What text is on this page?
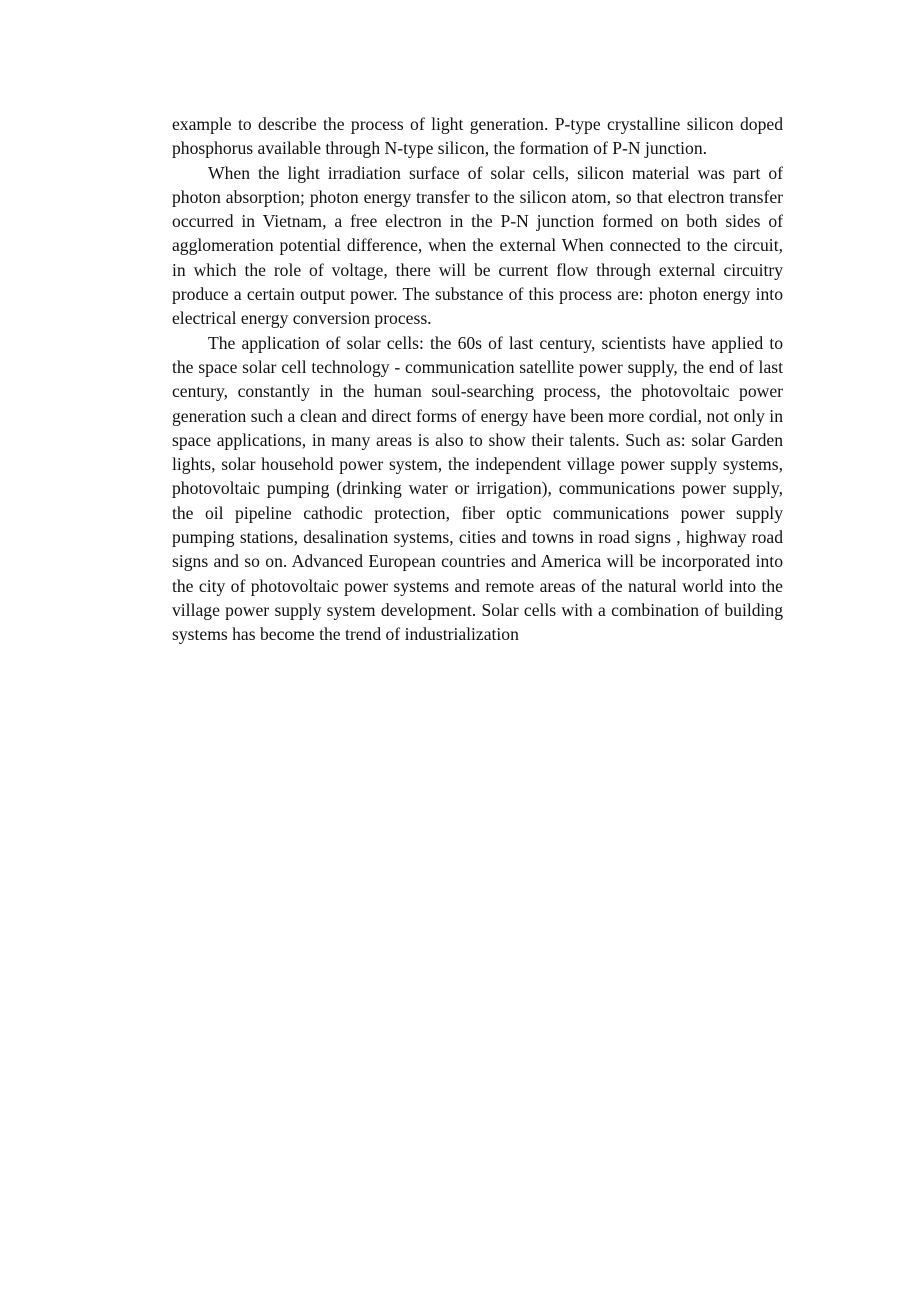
example to describe the process of light generation. P-type crystalline silicon doped phosphorus available through N-type silicon, the formation of P-N junction.

When the light irradiation surface of solar cells, silicon material was part of photon absorption; photon energy transfer to the silicon atom, so that electron transfer occurred in Vietnam, a free electron in the P-N junction formed on both sides of agglomeration potential difference, when the external When connected to the circuit, in which the role of voltage, there will be current flow through external circuitry produce a certain output power. The substance of this process are: photon energy into electrical energy conversion process.

The application of solar cells: the 60s of last century, scientists have applied to the space solar cell technology - communication satellite power supply, the end of last century, constantly in the human soul-searching process, the photovoltaic power generation such a clean and direct forms of energy have been more cordial, not only in space applications, in many areas is also to show their talents. Such as: solar Garden lights, solar household power system, the independent village power supply systems, photovoltaic pumping (drinking water or irrigation), communications power supply, the oil pipeline cathodic protection, fiber optic communications power supply pumping stations, desalination systems, cities and towns in road signs , highway road signs and so on. Advanced European countries and America will be incorporated into the city of photovoltaic power systems and remote areas of the natural world into the village power supply system development. Solar cells with a combination of building systems has become the trend of industrialization
